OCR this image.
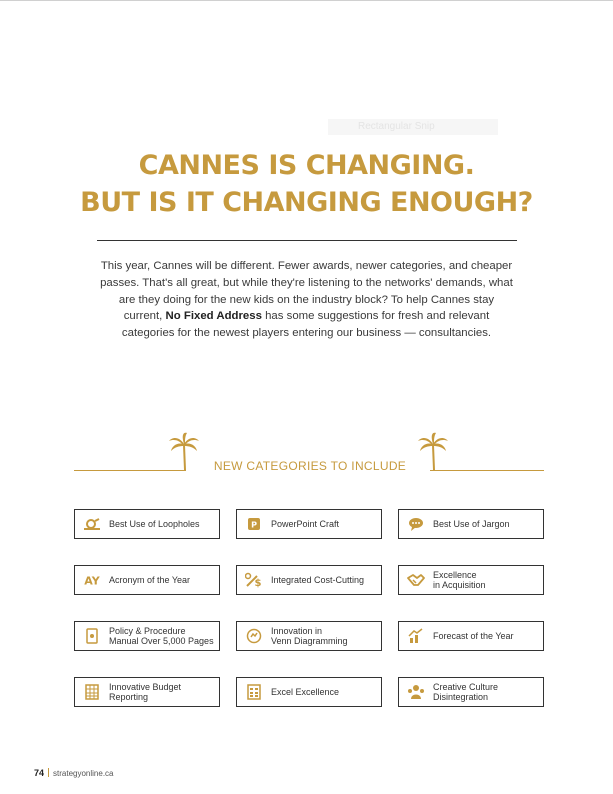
Rectangular Snip
CANNES IS CHANGING.
BUT IS IT CHANGING ENOUGH?
This year, Cannes will be different. Fewer awards, newer categories, and cheaper passes. That's all great, but while they're listening to the networks' demands, what are they doing for the new kids on the industry block? To help Cannes stay current, No Fixed Address has some suggestions for fresh and relevant categories for the newest players entering our business — consultancies.
NEW CATEGORIES TO INCLUDE
Best Use of Loopholes	P PowerPoint Craft	Best Use of Jargon
AY Acronym of the Year	$ Integrated Cost-Cutting	Excellence
in Acquisition
Policy & Procedure
Manual Over 5,000 Pages
Innovation in
Venn Diagramming	Forecast of the Year
Innovative Budget
Reporting	Excel Excellence	Creative Culture
Disintegration
74 strategyonline.ca
